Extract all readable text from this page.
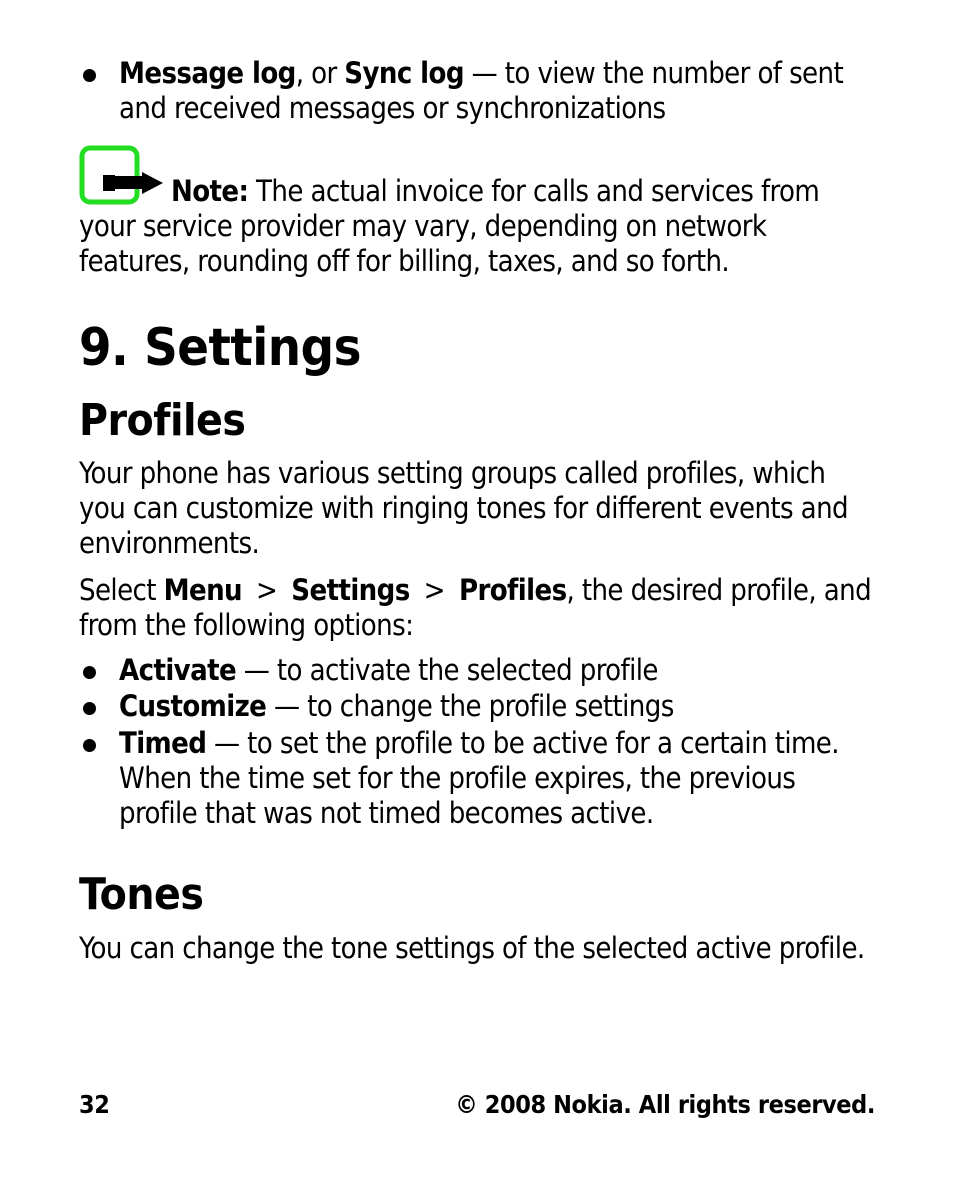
Message log, or Sync log — to view the number of sent and received messages or synchronizations
Note: The actual invoice for calls and services from your service provider may vary, depending on network features, rounding off for billing, taxes, and so forth.
9. Settings
Profiles
Your phone has various setting groups called profiles, which you can customize with ringing tones for different events and environments.
Select Menu > Settings > Profiles, the desired profile, and from the following options:
Activate — to activate the selected profile
Customize — to change the profile settings
Timed — to set the profile to be active for a certain time. When the time set for the profile expires, the previous profile that was not timed becomes active.
Tones
You can change the tone settings of the selected active profile.
32	© 2008 Nokia. All rights reserved.
